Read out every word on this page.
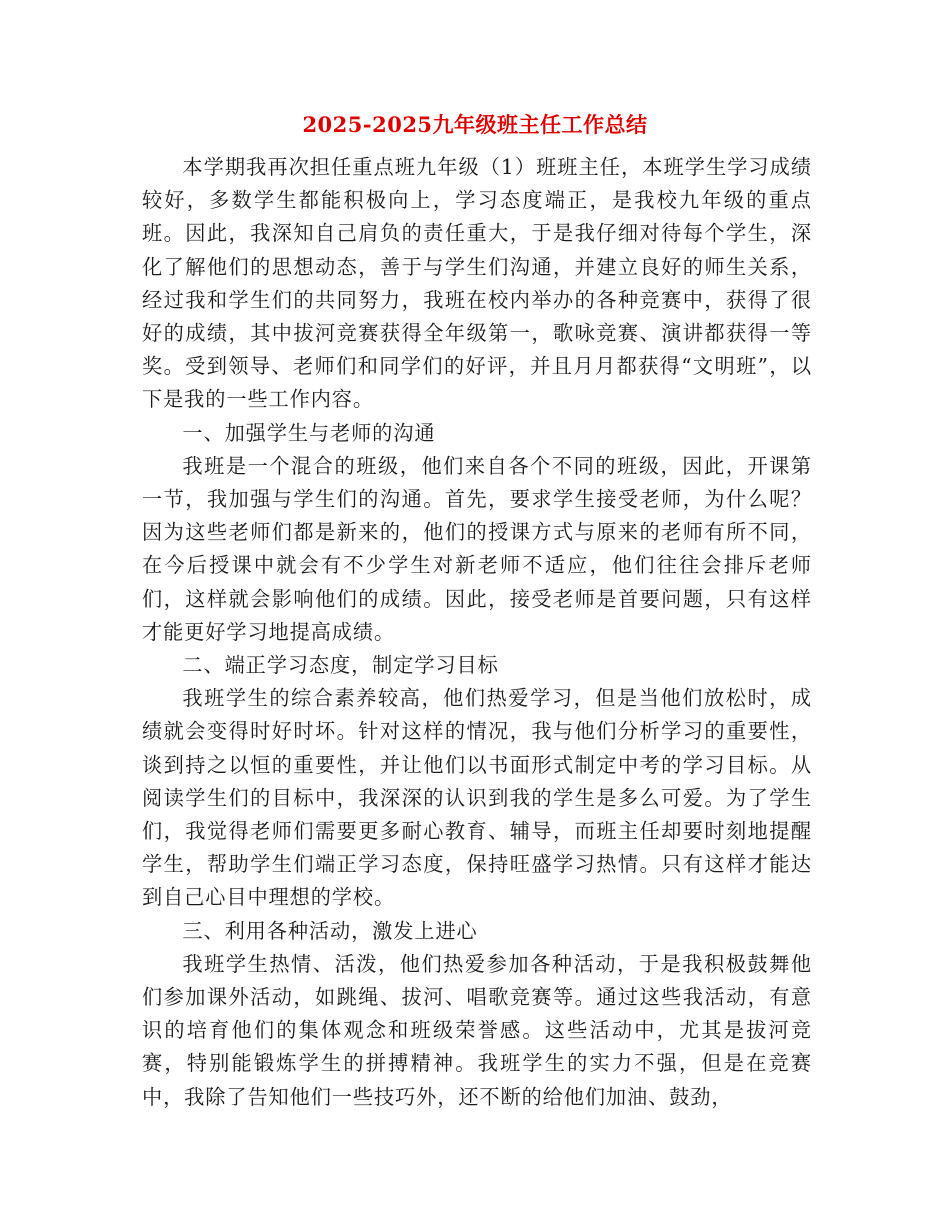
2025-2025九年级班主任工作总结

本学期我再次担任重点班九年级（1）班班主任，本班学生学习成绩较好，多数学生都能积极向上，学习态度端正，是我校九年级的重点班。因此，我深知自己肩负的责任重大，于是我仔细对待每个学生，深化了解他们的思想动态，善于与学生们沟通，并建立良好的师生关系，经过我和学生们的共同努力，我班在校内举办的各种竞赛中，获得了很好的成绩，其中拔河竞赛获得全年级第一，歌咏竞赛、演讲都获得一等奖。受到领导、老师们和同学们的好评，并且月月都获得“文明班”，以下是我的一些工作内容。

一、加强学生与老师的沟通

我班是一个混合的班级，他们来自各个不同的班级，因此，开课第一节，我加强与学生们的沟通。首先，要求学生接受老师，为什么呢？因为这些老师们都是新来的，他们的授课方式与原来的老师有所不同，在今后授课中就会有不少学生对新老师不适应，他们往往会排斥老师们，这样就会影响他们的成绩。因此，接受老师是首要问题，只有这样才能更好学习地提高成绩。

二、端正学习态度，制定学习目标

我班学生的综合素养较高，他们热爱学习，但是当他们放松时，成绩就会变得时好时坏。针对这样的情况，我与他们分析学习的重要性，谈到持之以恒的重要性，并让他们以书面形式制定中考的学习目标。从阅读学生们的目标中，我深深的认识到我的学生是多么可爱。为了学生们，我觉得老师们需要更多耐心教育、辅导，而班主任却要时刻地提醒学生，帮助学生们端正学习态度，保持旺盛学习热情。只有这样才能达到自己心目中理想的学校。

三、利用各种活动，激发上进心

我班学生热情、活泼，他们热爱参加各种活动，于是我积极鼓舞他们参加课外活动，如跳绳、拔河、唱歌竞赛等。通过这些我活动，有意识的培育他们的集体观念和班级荣誉感。这些活动中，尤其是拔河竞赛，特别能锻炼学生的拼搏精神。我班学生的实力不强，但是在竞赛中，我除了告知他们一些技巧外，还不断的给他们加油、鼓劲，
